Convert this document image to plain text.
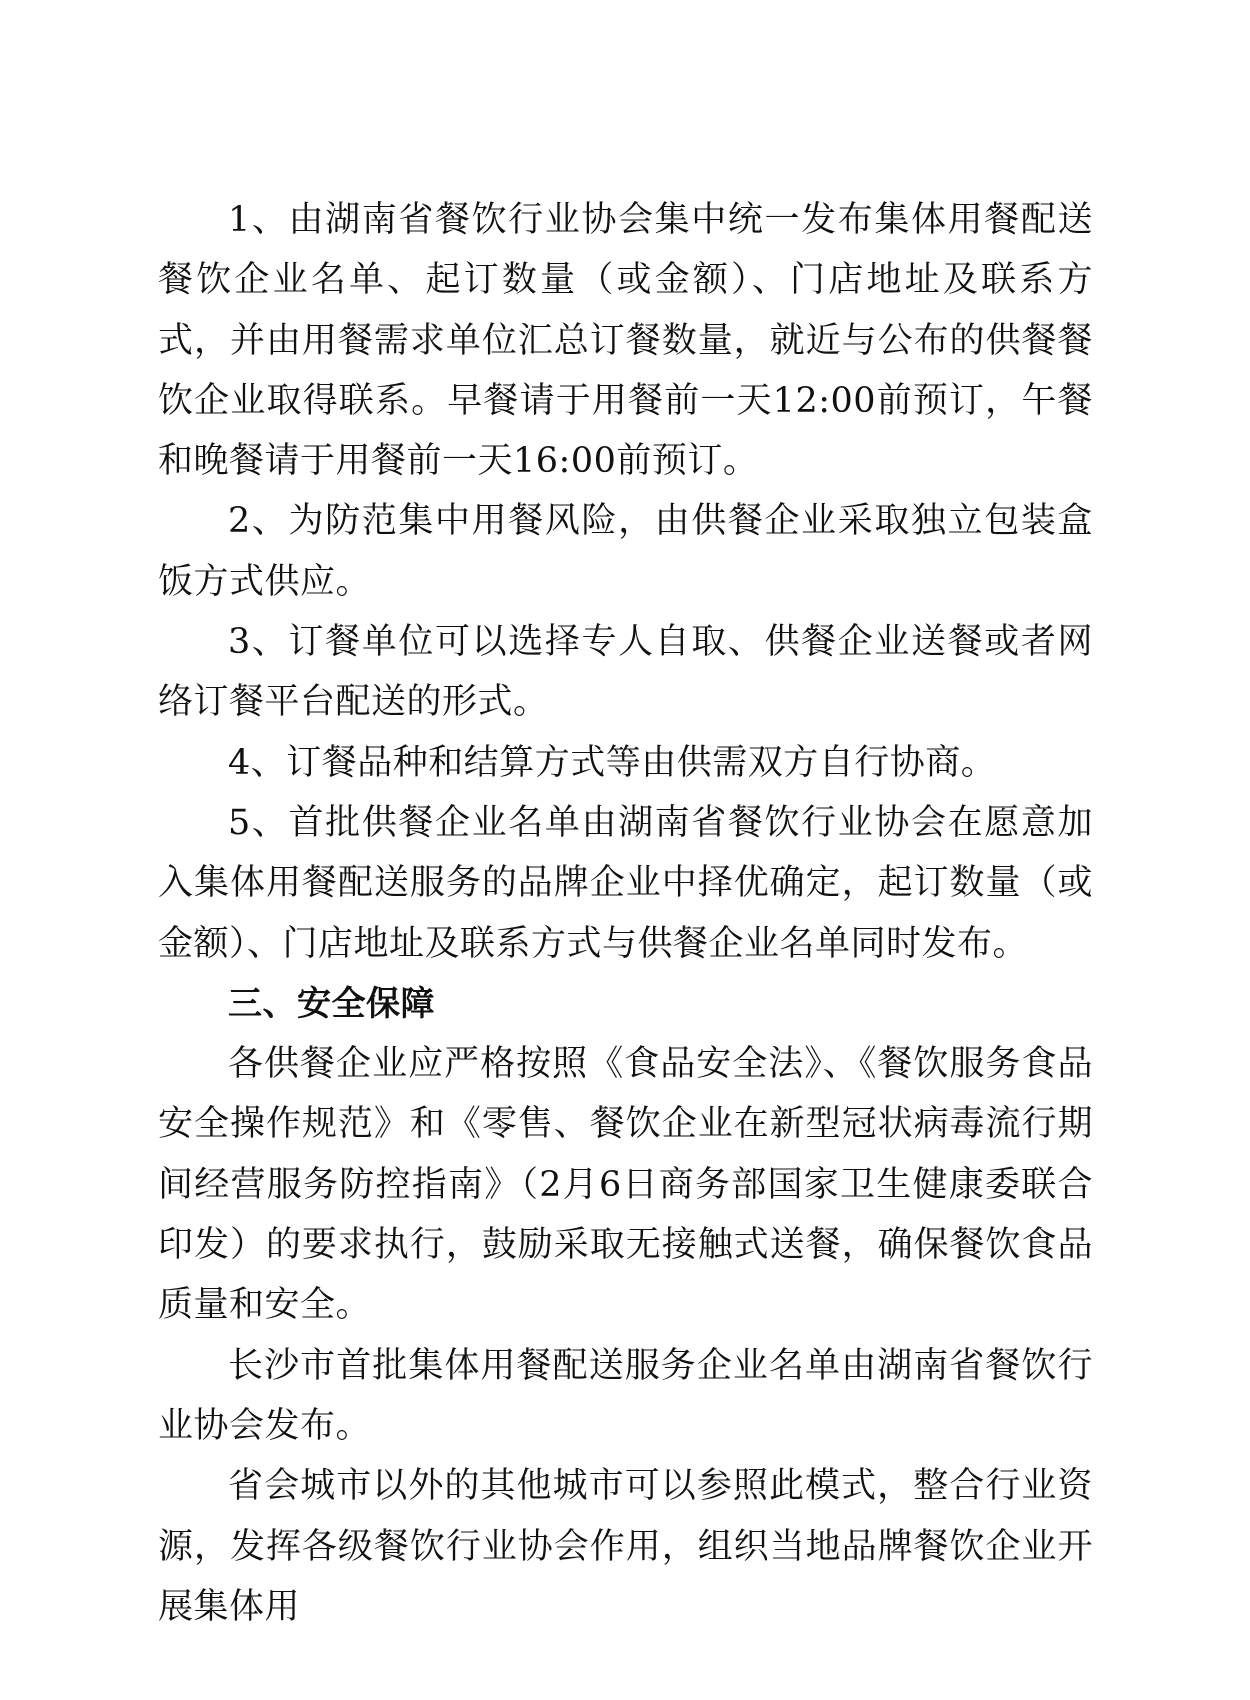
1、由湖南省餐饮行业协会集中统一发布集体用餐配送餐饮企业名单、起订数量（或金额）、门店地址及联系方式，并由用餐需求单位汇总订餐数量，就近与公布的供餐餐饮企业取得联系。早餐请于用餐前一天12:00前预订，午餐和晚餐请于用餐前一天16:00前预订。

2、为防范集中用餐风险，由供餐企业采取独立包装盒饭方式供应。

3、订餐单位可以选择专人自取、供餐企业送餐或者网络订餐平台配送的形式。

4、订餐品种和结算方式等由供需双方自行协商。

5、首批供餐企业名单由湖南省餐饮行业协会在愿意加入集体用餐配送服务的品牌企业中择优确定，起订数量（或金额）、门店地址及联系方式与供餐企业名单同时发布。

三、安全保障

各供餐企业应严格按照《食品安全法》、《餐饮服务食品安全操作规范》和《零售、餐饮企业在新型冠状病毒流行期间经营服务防控指南》（2月6日商务部国家卫生健康委联合印发）的要求执行，鼓励采取无接触式送餐，确保餐饮食品质量和安全。

长沙市首批集体用餐配送服务企业名单由湖南省餐饮行业协会发布。

省会城市以外的其他城市可以参照此模式，整合行业资源，发挥各级餐饮行业协会作用，组织当地品牌餐饮企业开展集体用
